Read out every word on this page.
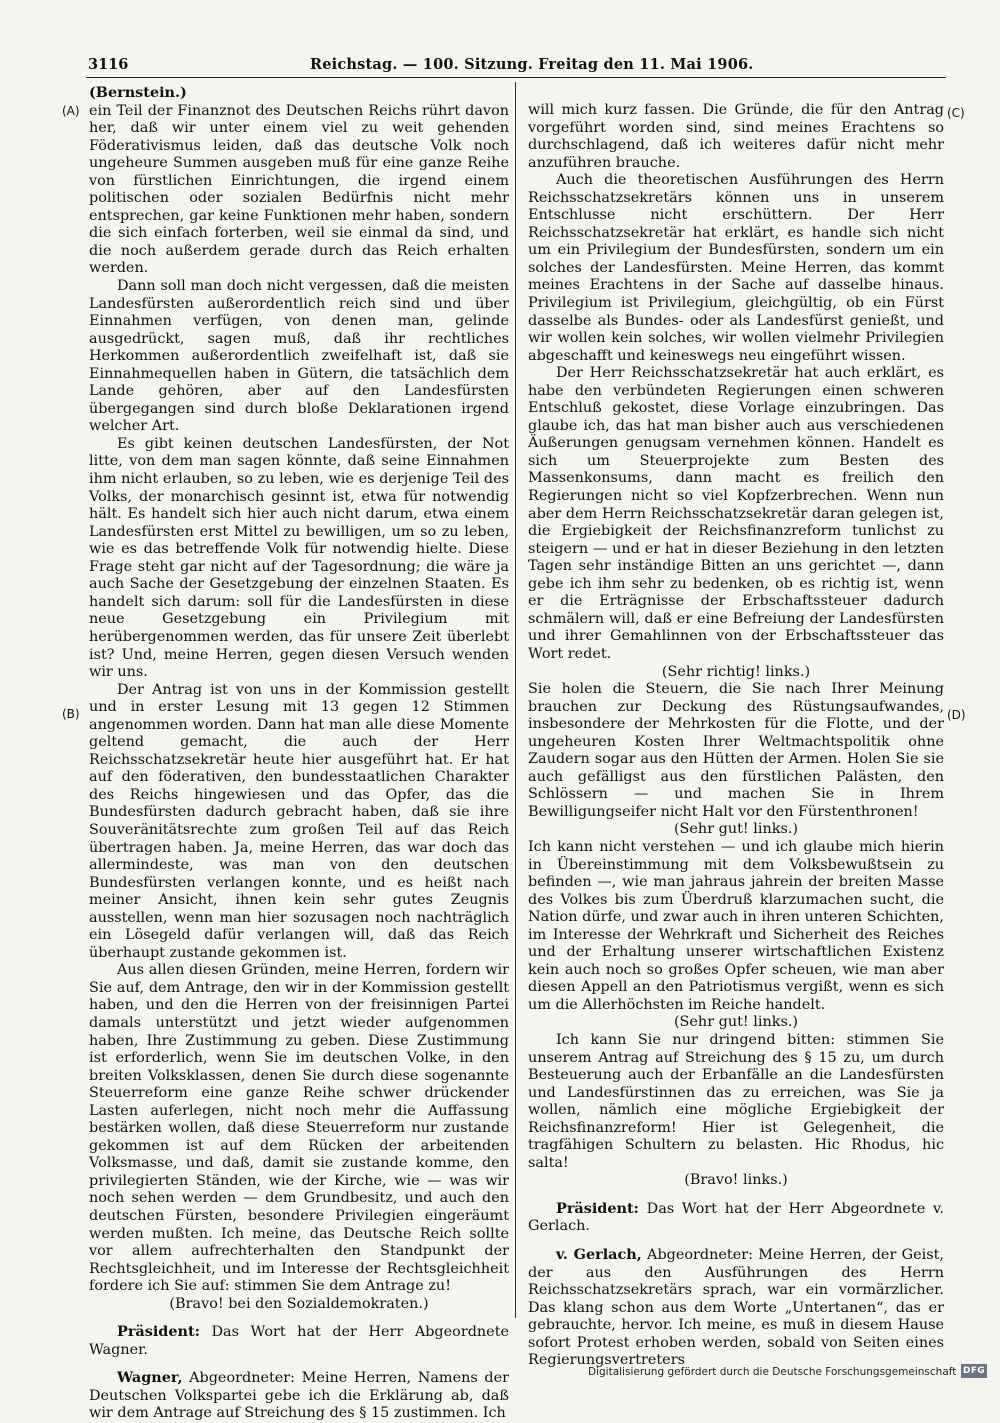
3116	Reichstag. — 100. Sitzung. Freitag den 11. Mai 1906.
(A)
(B)
(C)
(D)

(Bernstein.)

ein Teil der Finanznot des Deutschen Reichs rührt davon her, daß wir unter einem viel zu weit gehenden Föderativismus leiden, daß das deutsche Volk noch ungeheure Summen ausgeben muß für eine ganze Reihe von fürstlichen Einrichtungen, die irgend einem politischen oder sozialen Bedürfnis nicht mehr entsprechen, gar keine Funktionen mehr haben, sondern die sich einfach forterben, weil sie einmal da sind, und die noch außerdem gerade durch das Reich erhalten werden.

Dann soll man doch nicht vergessen, daß die meisten Landesfürsten außerordentlich reich sind und über Einnahmen verfügen, von denen man, gelinde ausgedrückt, sagen muß, daß ihr rechtliches Herkommen außerordentlich zweifelhaft ist, daß sie Einnahmequellen haben in Gütern, die tatsächlich dem Lande gehören, aber auf den Landesfürsten übergegangen sind durch bloße Deklarationen irgend welcher Art.

Es gibt keinen deutschen Landesfürsten, der Not litte, von dem man sagen könnte, daß seine Einnahmen ihm nicht erlauben, so zu leben, wie es derjenige Teil des Volks, der monarchisch gesinnt ist, etwa für notwendig hält. Es handelt sich hier auch nicht darum, etwa einem Landesfürsten erst Mittel zu bewilligen, um so zu leben, wie es das betreffende Volk für notwendig hielte. Diese Frage steht gar nicht auf der Tagesordnung; die wäre ja auch Sache der Gesetzgebung der einzelnen Staaten. Es handelt sich darum: soll für die Landesfürsten in diese neue Gesetzgebung ein Privilegium mit herübergenommen werden, das für unsere Zeit überlebt ist? Und, meine Herren, gegen diesen Versuch wenden wir uns.

Der Antrag ist von uns in der Kommission gestellt und in erster Lesung mit 13 gegen 12 Stimmen angenommen worden. Dann hat man alle diese Momente geltend gemacht, die auch der Herr Reichsschatzsekretär heute hier ausgeführt hat. Er hat auf den föderativen, den bundesstaatlichen Charakter des Reichs hingewiesen und das Opfer, das die Bundesfürsten dadurch gebracht haben, daß sie ihre Souveränitätsrechte zum großen Teil auf das Reich übertragen haben. Ja, meine Herren, das war doch das allermindeste, was man von den deutschen Bundesfürsten verlangen konnte, und es heißt nach meiner Ansicht, ihnen kein sehr gutes Zeugnis ausstellen, wenn man hier sozusagen noch nachträglich ein Lösegeld dafür verlangen will, daß das Reich überhaupt zustande gekommen ist.

Aus allen diesen Gründen, meine Herren, fordern wir Sie auf, dem Antrage, den wir in der Kommission gestellt haben, und den die Herren von der freisinnigen Partei damals unterstützt und jetzt wieder aufgenommen haben, Ihre Zustimmung zu geben. Diese Zustimmung ist erforderlich, wenn Sie im deutschen Volke, in den breiten Volksklassen, denen Sie durch diese sogenannte Steuerreform eine ganze Reihe schwer drückender Lasten auferlegen, nicht noch mehr die Auffassung bestärken wollen, daß diese Steuerreform nur zustande gekommen ist auf dem Rücken der arbeitenden Volksmasse, und daß, damit sie zustande komme, den privilegierten Ständen, wie der Kirche, wie — was wir noch sehen werden — dem Grundbesitz, und auch den deutschen Fürsten, besondere Privilegien eingeräumt werden mußten. Ich meine, das Deutsche Reich sollte vor allem aufrechterhalten den Standpunkt der Rechtsgleichheit, und im Interesse der Rechtsgleichheit fordere ich Sie auf: stimmen Sie dem Antrage zu!

(Bravo! bei den Sozialdemokraten.)

Präsident: Das Wort hat der Herr Abgeordnete Wagner.

Wagner, Abgeordneter: Meine Herren, Namens der Deutschen Volkspartei gebe ich die Erklärung ab, daß wir dem Antrage auf Streichung des § 15 zustimmen. Ich

will mich kurz fassen. Die Gründe, die für den Antrag vorgeführt worden sind, sind meines Erachtens so durchschlagend, daß ich weiteres dafür nicht mehr anzuführen brauche.

Auch die theoretischen Ausführungen des Herrn Reichsschatzsekretärs können uns in unserem Entschlusse nicht erschüttern. Der Herr Reichsschatzsekretär hat erklärt, es handle sich nicht um ein Privilegium der Bundesfürsten, sondern um ein solches der Landesfürsten. Meine Herren, das kommt meines Erachtens in der Sache auf dasselbe hinaus. Privilegium ist Privilegium, gleichgültig, ob ein Fürst dasselbe als Bundes- oder als Landesfürst genießt, und wir wollen kein solches, wir wollen vielmehr Privilegien abgeschafft und keineswegs neu eingeführt wissen.

Der Herr Reichsschatzsekretär hat auch erklärt, es habe den verbündeten Regierungen einen schweren Entschluß gekostet, diese Vorlage einzubringen. Das glaube ich, das hat man bisher auch aus verschiedenen Äußerungen genugsam vernehmen können. Handelt es sich um Steuerprojekte zum Besten des Massenkonsums, dann macht es freilich den Regierungen nicht so viel Kopfzerbrechen. Wenn nun aber dem Herrn Reichsschatzsekretär daran gelegen ist, die Ergiebigkeit der Reichsfinanzreform tunlichst zu steigern — und er hat in dieser Beziehung in den letzten Tagen sehr inständige Bitten an uns gerichtet —, dann gebe ich ihm sehr zu bedenken, ob es richtig ist, wenn er die Erträgnisse der Erbschaftssteuer dadurch schmälern will, daß er eine Befreiung der Landesfürsten und ihrer Gemahlinnen von der Erbschaftssteuer das Wort redet.

(Sehr richtig! links.)

Sie holen die Steuern, die Sie nach Ihrer Meinung brauchen zur Deckung des Rüstungsaufwandes, insbesondere der Mehrkosten für die Flotte, und der ungeheuren Kosten Ihrer Weltmachtspolitik ohne Zaudern sogar aus den Hütten der Armen. Holen Sie sie auch gefälligst aus den fürstlichen Palästen, den Schlössern — und machen Sie in Ihrem Bewilligungseifer nicht Halt vor den Fürstenthronen!

(Sehr gut! links.)

Ich kann nicht verstehen — und ich glaube mich hierin in Übereinstimmung mit dem Volksbewußtsein zu befinden —, wie man jahraus jahrein der breiten Masse des Volkes bis zum Überdruß klarzumachen sucht, die Nation dürfe, und zwar auch in ihren unteren Schichten, im Interesse der Wehrkraft und Sicherheit des Reiches und der Erhaltung unserer wirtschaftlichen Existenz kein auch noch so großes Opfer scheuen, wie man aber diesen Appell an den Patriotismus vergißt, wenn es sich um die Allerhöchsten im Reiche handelt.

(Sehr gut! links.)

Ich kann Sie nur dringend bitten: stimmen Sie unserem Antrag auf Streichung des § 15 zu, um durch Besteuerung auch der Erbanfälle an die Landesfürsten und Landesfürstinnen das zu erreichen, was Sie ja wollen, nämlich eine mögliche Ergiebigkeit der Reichsfinanzreform! Hier ist Gelegenheit, die tragfähigen Schultern zu belasten. Hic Rhodus, hic salta!

(Bravo! links.)

Präsident: Das Wort hat der Herr Abgeordnete v. Gerlach.

v. Gerlach, Abgeordneter: Meine Herren, der Geist, der aus den Ausführungen des Herrn Reichsschatzsekretärs sprach, war ein vormärzlicher. Das klang schon aus dem Worte „Untertanen“, das er gebrauchte, hervor. Ich meine, es muß in diesem Hause sofort Protest erhoben werden, sobald von Seiten eines Regierungsvertreters

Digitalisierung gefördert durch die Deutsche Forschungsgemeinschaft DFG
